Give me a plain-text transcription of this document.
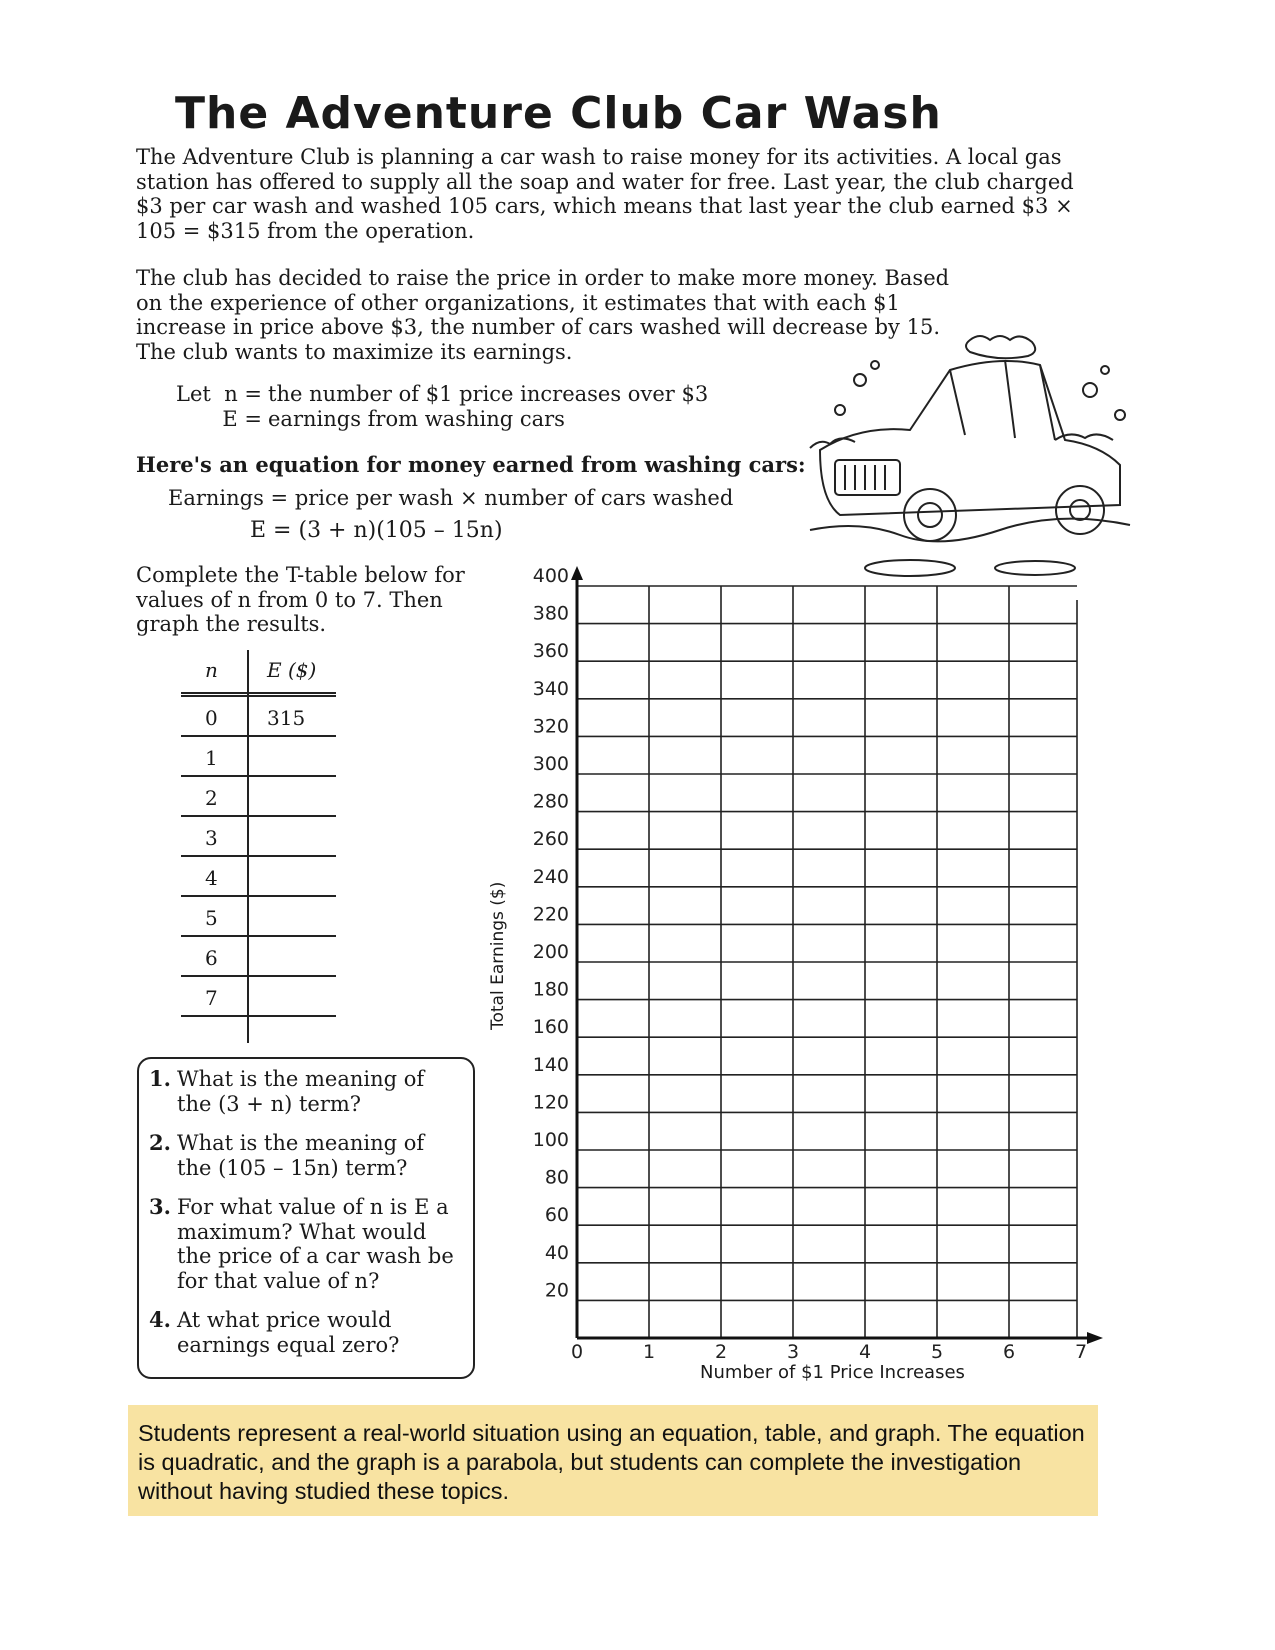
The Adventure Club Car Wash
The Adventure Club is planning a car wash to raise money for its activities. A local gas station has offered to supply all the soap and water for free. Last year, the club charged $3 per car wash and washed 105 cars, which means that last year the club earned $3 × 105 = $315 from the operation.
The club has decided to raise the price in order to make more money. Based on the experience of other organizations, it estimates that with each $1 increase in price above $3, the number of cars washed will decrease by 15. The club wants to maximize its earnings.
Let  n = the number of $1 price increases over $3
E = earnings from washing cars
Here's an equation for money earned from washing cars:
Earnings = price per wash × number of cars washed
E = (3 + n)(105 – 15n)
Complete the T-table below for values of n from 0 to 7. Then graph the results.
n E ($)
0 315
1
2
3
4
5
6
7
1. What is the meaning of the (3 + n) term?
2. What is the meaning of the (105 – 15n) term?
3. For what value of n is E a maximum? What would the price of a car wash be for that value of n?
4. At what price would earnings equal zero?
20
40
60
80
100
120
140
160
180
200
220
240
260
280
300
320
340
360
380
400
0	1	2	3	4	5	6	7
Total Earnings ($)
Number of $1 Price Increases
Students represent a real-world situation using an equation, table, and graph. The equation is quadratic, and the graph is a parabola, but students can complete the investigation without having studied these topics.
